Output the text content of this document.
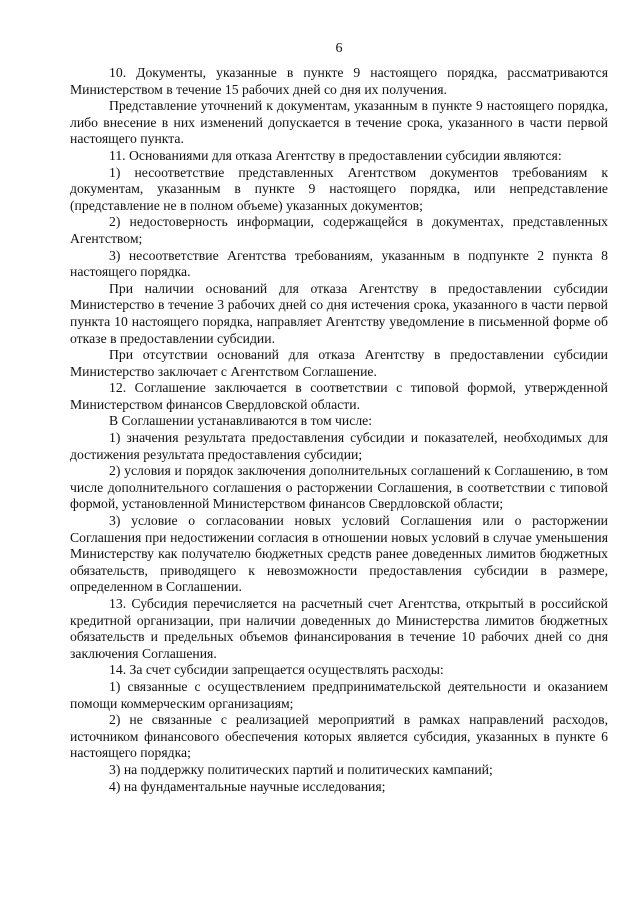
6

10. Документы, указанные в пункте 9 настоящего порядка, рассматриваются Министерством в течение 15 рабочих дней со дня их получения.

Представление уточнений к документам, указанным в пункте 9 настоящего порядка, либо внесение в них изменений допускается в течение срока, указанного в части первой настоящего пункта.

11. Основаниями для отказа Агентству в предоставлении субсидии являются:

1) несоответствие представленных Агентством документов требованиям к документам, указанным в пункте 9 настоящего порядка, или непредставление (представление не в полном объеме) указанных документов;

2) недостоверность информации, содержащейся в документах, представленных Агентством;

3) несоответствие Агентства требованиям, указанным в подпункте 2 пункта 8 настоящего порядка.

При наличии оснований для отказа Агентству в предоставлении субсидии Министерство в течение 3 рабочих дней со дня истечения срока, указанного в части первой пункта 10 настоящего порядка, направляет Агентству уведомление в письменной форме об отказе в предоставлении субсидии.

При отсутствии оснований для отказа Агентству в предоставлении субсидии Министерство заключает с Агентством Соглашение.

12. Соглашение заключается в соответствии с типовой формой, утвержденной Министерством финансов Свердловской области.

В Соглашении устанавливаются в том числе:

1) значения результата предоставления субсидии и показателей, необходимых для достижения результата предоставления субсидии;

2) условия и порядок заключения дополнительных соглашений к Соглашению, в том числе дополнительного соглашения о расторжении Соглашения, в соответствии с типовой формой, установленной Министерством финансов Свердловской области;

3) условие о согласовании новых условий Соглашения или о расторжении Соглашения при недостижении согласия в отношении новых условий в случае уменьшения Министерству как получателю бюджетных средств ранее доведенных лимитов бюджетных обязательств, приводящего к невозможности предоставления субсидии в размере, определенном в Соглашении.

13. Субсидия перечисляется на расчетный счет Агентства, открытый в российской кредитной организации, при наличии доведенных до Министерства лимитов бюджетных обязательств и предельных объемов финансирования в течение 10 рабочих дней со дня заключения Соглашения.

14. За счет субсидии запрещается осуществлять расходы:

1) связанные с осуществлением предпринимательской деятельности и оказанием помощи коммерческим организациям;

2) не связанные с реализацией мероприятий в рамках направлений расходов, источником финансового обеспечения которых является субсидия, указанных в пункте 6 настоящего порядка;

3) на поддержку политических партий и политических кампаний;

4) на фундаментальные научные исследования;
